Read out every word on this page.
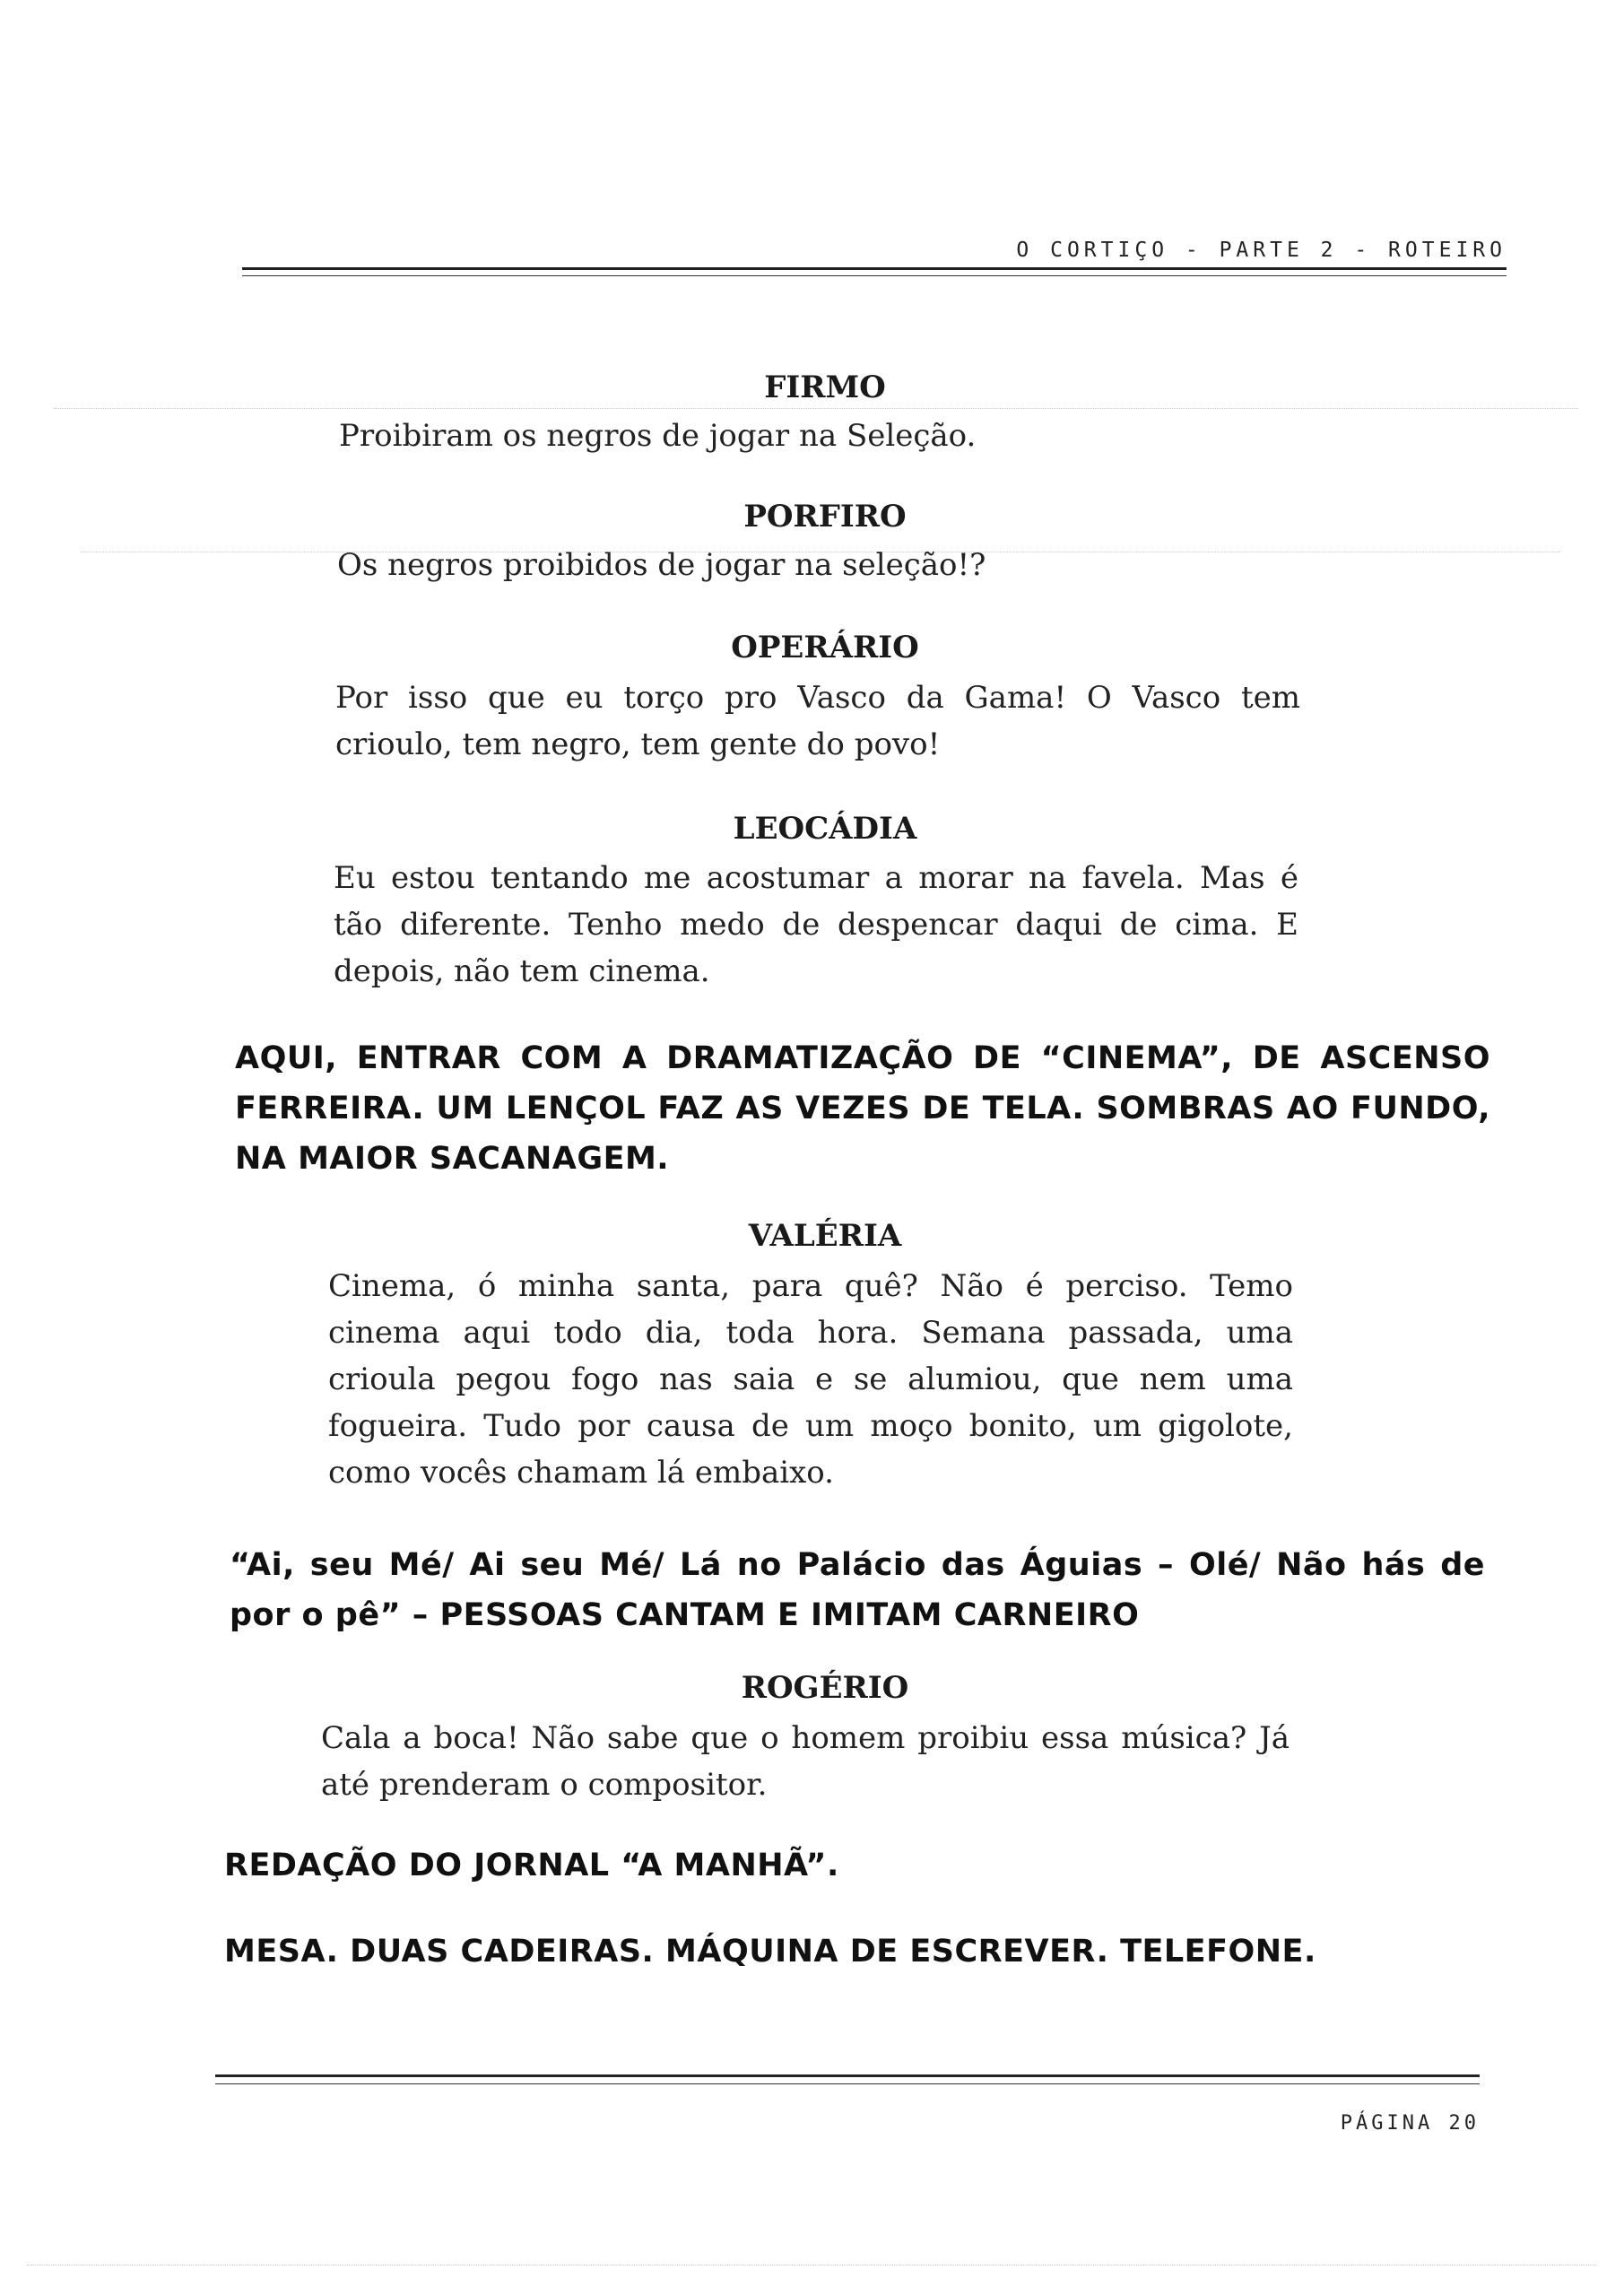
O CORTIÇO - PARTE 2 - ROTEIRO
FIRMO
Proibiram os negros de jogar na Seleção.
PORFIRO
Os negros proibidos de jogar na seleção!?
OPERÁRIO
Por isso que eu torço pro Vasco da Gama! O Vasco tem
crioulo, tem negro, tem gente do povo!
LEOCÁDIA
Eu estou tentando me acostumar a morar na favela. Mas é
tão diferente. Tenho medo de despencar daqui de cima. E
depois, não tem cinema.
AQUI, ENTRAR COM A DRAMATIZAÇÃO DE “CINEMA”, DE ASCENSO
FERREIRA. UM LENÇOL FAZ AS VEZES DE TELA. SOMBRAS AO FUNDO,
NA MAIOR SACANAGEM.
VALÉRIA
Cinema, ó minha santa, para quê? Não é perciso. Temo
cinema aqui todo dia, toda hora. Semana passada, uma
crioula pegou fogo nas saia e se alumiou, que nem uma
fogueira. Tudo por causa de um moço bonito, um gigolote,
como vocês chamam lá embaixo.
“Ai, seu Mé/ Ai seu Mé/ Lá no Palácio das Águias – Olé/ Não hás de
por o pê” – PESSOAS CANTAM E IMITAM CARNEIRO
ROGÉRIO
Cala a boca! Não sabe que o homem proibiu essa música? Já
até prenderam o compositor.
REDAÇÃO DO JORNAL “A MANHÃ”.
MESA. DUAS CADEIRAS. MÁQUINA DE ESCREVER. TELEFONE.
PÁGINA 20
